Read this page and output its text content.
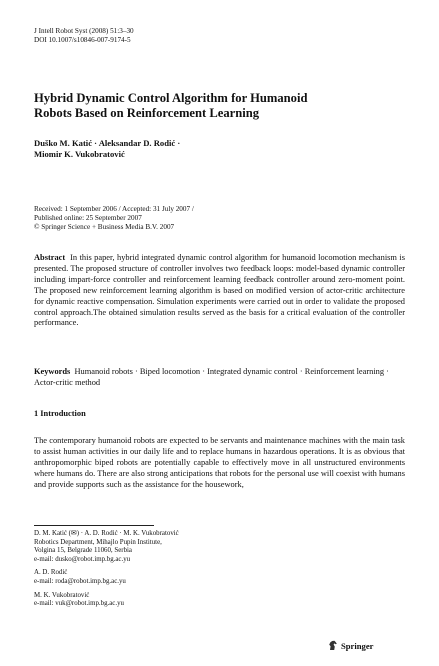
J Intell Robot Syst (2008) 51:3–30
DOI 10.1007/s10846-007-9174-5
Hybrid Dynamic Control Algorithm for Humanoid
Robots Based on Reinforcement Learning
Duško M. Katić · Aleksandar D. Rodić ·
Miomir K. Vukobratović
Received: 1 September 2006 / Accepted: 31 July 2007 /
Published online: 25 September 2007
© Springer Science + Business Media B.V. 2007
Abstract In this paper, hybrid integrated dynamic control algorithm for humanoid locomotion mechanism is presented. The proposed structure of controller involves two feedback loops: model-based dynamic controller including impart-force controller and reinforcement learning feedback controller around zero-moment point. The proposed new reinforcement learning algorithm is based on modified version of actor-critic architecture for dynamic reactive compensation. Simulation experiments were carried out in order to validate the proposed control approach.The obtained simulation results served as the basis for a critical evaluation of the controller performance.
Keywords Humanoid robots · Biped locomotion · Integrated dynamic control · Reinforcement learning · Actor-critic method
1 Introduction
The contemporary humanoid robots are expected to be servants and maintenance machines with the main task to assist human activities in our daily life and to replace humans in hazardous operations. It is as obvious that anthropomorphic biped robots are potentially capable to effectively move in all unstructured environments where humans do. There are also strong anticipations that robots for the personal use will coexist with humans and provide supports such as the assistance for the housework,
D. M. Katić (✉) · A. D. Rodić · M. K. Vukobratović
Robotics Department, Mihajlo Pupin Institute,
Volgina 15, Belgrade 11060, Serbia
e-mail: dusko@robot.imp.bg.ac.yu
A. D. Rodić
e-mail: roda@robot.imp.bg.ac.yu
M. K. Vukobratović
e-mail: vuk@robot.imp.bg.ac.yu
Springer
